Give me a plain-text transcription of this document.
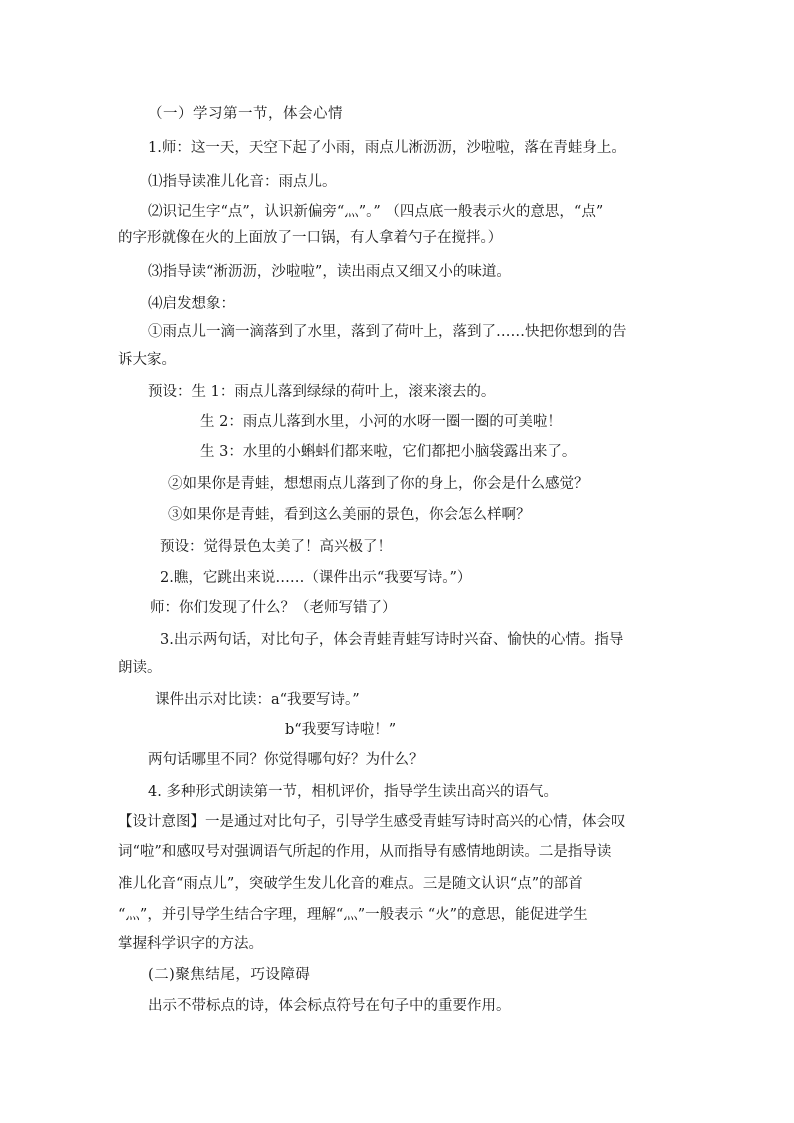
（一）学习第一节，体会心情
1.师：这一天，天空下起了小雨，雨点儿淅沥沥，沙啦啦，落在青蛙身上。
⑴指导读准儿化音：雨点儿。
⑵识记生字“点”，认识新偏旁“灬”。” （四点底一般表示火的意思，“点”
的字形就像在火的上面放了一口锅，有人拿着勺子在搅拌。）
⑶指导读“淅沥沥，沙啦啦”，读出雨点又细又小的味道。
⑷启发想象：
①雨点儿一滴一滴落到了水里，落到了荷叶上，落到了……快把你想到的告
诉大家。
预设：生 1：雨点儿落到绿绿的荷叶上，滚来滚去的。
生 2：雨点儿落到水里，小河的水呀一圈一圈的可美啦！
生 3：水里的小蝌蚪们都来啦，它们都把小脑袋露出来了。
②如果你是青蛙，想想雨点儿落到了你的身上，你会是什么感觉？
③如果你是青蛙，看到这么美丽的景色，你会怎么样啊？
预设：觉得景色太美了！高兴极了！
2.瞧，它跳出来说……（课件出示“我要写诗。”）
师：你们发现了什么？（老师写错了）
3.出示两句话，对比句子，体会青蛙青蛙写诗时兴奋、愉快的心情。指导
朗读。
课件出示对比读：a“我要写诗。”
b“我要写诗啦！”
两句话哪里不同？你觉得哪句好？为什么？
4. 多种形式朗读第一节，相机评价，指导学生读出高兴的语气。
【设计意图】一是通过对比句子，引导学生感受青蛙写诗时高兴的心情，体会叹
词“啦”和感叹号对强调语气所起的作用，从而指导有感情地朗读。二是指导读
准儿化音“雨点儿”，突破学生发儿化音的难点。三是随文认识“点”的部首
“灬”，并引导学生结合字理，理解“灬”一般表示 “火”的意思，能促进学生
掌握科学识字的方法。
(二)聚焦结尾，巧设障碍
出示不带标点的诗，体会标点符号在句子中的重要作用。
